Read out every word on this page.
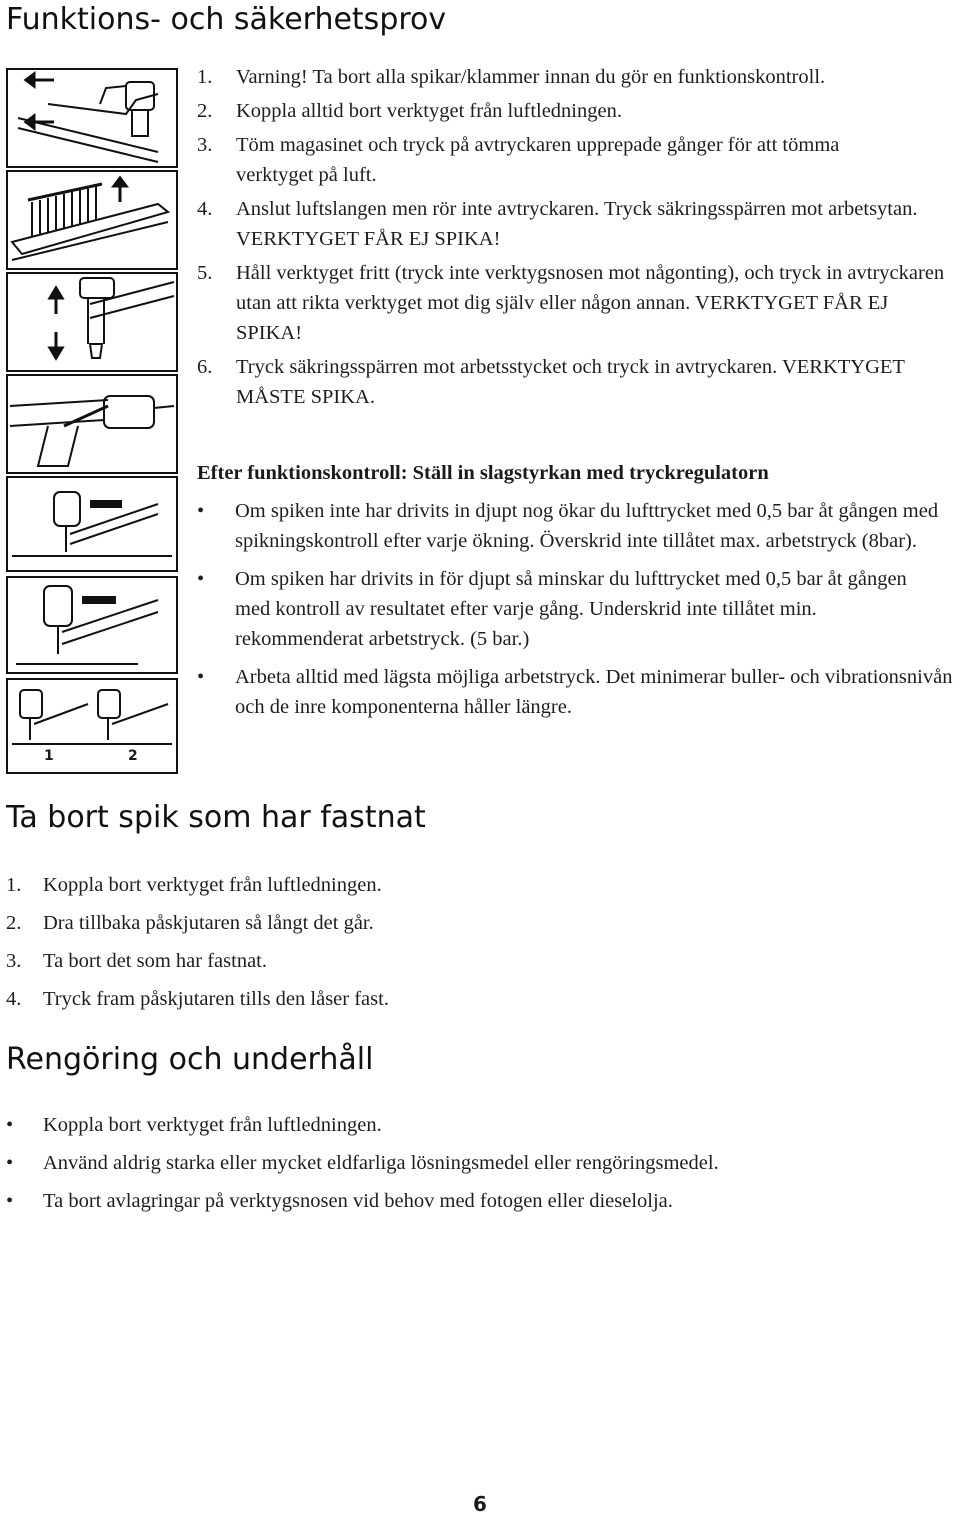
Funktions- och säkerhetsprov
1	2
1.	Varning! Ta bort alla spikar/klammer innan du gör en funktionskontroll.
2.	Koppla alltid bort verktyget från luftledningen.
3.	Töm magasinet och tryck på avtryckaren upprepade gånger för att tömma verktyget på luft.
4.	Anslut luftslangen men rör inte avtryckaren. Tryck säkringsspärren mot arbetsytan. VERKTYGET FÅR EJ SPIKA!
5.	Håll verktyget fritt (tryck inte verktygsnosen mot någonting), och tryck in avtryckaren utan att rikta verktyget mot dig själv eller någon annan. VERKTYGET FÅR EJ SPIKA!
6.	Tryck säkringsspärren mot arbetsstycket och tryck in avtryckaren. VERKTYGET MÅSTE SPIKA.
Efter funktionskontroll: Ställ in slagstyrkan med tryckregulatorn
•	Om spiken inte har drivits in djupt nog ökar du lufttrycket med 0,5 bar åt gången med spikningskontroll efter varje ökning. Överskrid inte tillåtet max. arbetstryck (8bar).
•	Om spiken har drivits in för djupt så minskar du lufttrycket med 0,5 bar åt gången med kontroll av resultatet efter varje gång. Underskrid inte tillåtet min. rekommenderat arbetstryck. (5 bar.)
•	Arbeta alltid med lägsta möjliga arbetstryck. Det minimerar buller- och vibrationsnivån och de inre komponenterna håller längre.
Ta bort spik som har fastnat
1.	Koppla bort verktyget från luftledningen.
2.	Dra tillbaka påskjutaren så långt det går.
3.	Ta bort det som har fastnat.
4.	Tryck fram påskjutaren tills den låser fast.
Rengöring och underhåll
•	Koppla bort verktyget från luftledningen.
•	Använd aldrig starka eller mycket eldfarliga lösningsmedel eller rengöringsmedel.
•	Ta bort avlagringar på verktygsnosen vid behov med fotogen eller dieselolja.
6
